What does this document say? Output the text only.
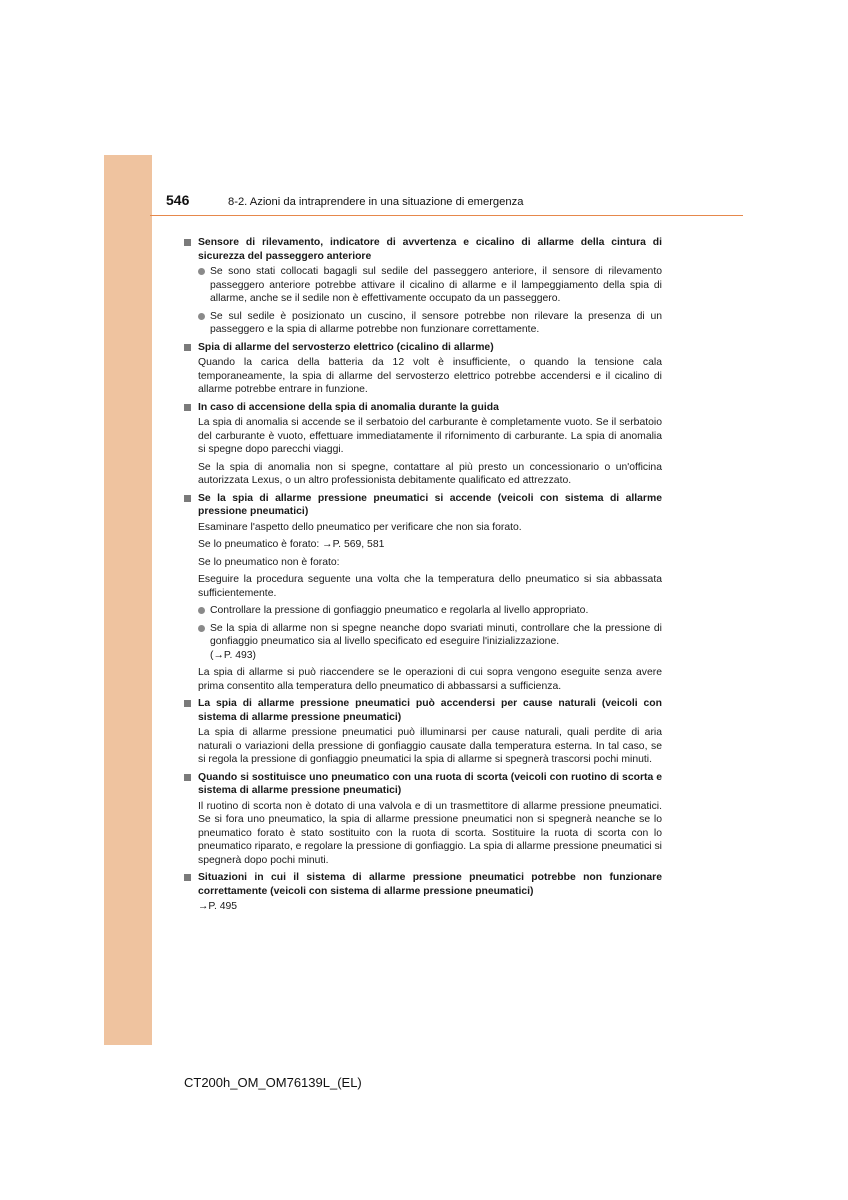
546	8-2. Azioni da intraprendere in una situazione di emergenza
Sensore di rilevamento, indicatore di avvertenza e cicalino di allarme della cintura di sicurezza del passeggero anteriore
Se sono stati collocati bagagli sul sedile del passeggero anteriore, il sensore di rilevamento passeggero anteriore potrebbe attivare il cicalino di allarme e il lampeggiamento della spia di allarme, anche se il sedile non è effettivamente occupato da un passeggero.
Se sul sedile è posizionato un cuscino, il sensore potrebbe non rilevare la presenza di un passeggero e la spia di allarme potrebbe non funzionare correttamente.
Spia di allarme del servosterzo elettrico (cicalino di allarme)
Quando la carica della batteria da 12 volt è insufficiente, o quando la tensione cala temporaneamente, la spia di allarme del servosterzo elettrico potrebbe accendersi e il cicalino di allarme potrebbe entrare in funzione.
In caso di accensione della spia di anomalia durante la guida
La spia di anomalia si accende se il serbatoio del carburante è completamente vuoto. Se il serbatoio del carburante è vuoto, effettuare immediatamente il rifornimento di carburante. La spia di anomalia si spegne dopo parecchi viaggi.
Se la spia di anomalia non si spegne, contattare al più presto un concessionario o un'officina autorizzata Lexus, o un altro professionista debitamente qualificato ed attrezzato.
Se la spia di allarme pressione pneumatici si accende (veicoli con sistema di allarme pressione pneumatici)
Esaminare l'aspetto dello pneumatico per verificare che non sia forato.
Se lo pneumatico è forato: →P. 569, 581
Se lo pneumatico non è forato:
Eseguire la procedura seguente una volta che la temperatura dello pneumatico si sia abbassata sufficientemente.
Controllare la pressione di gonfiaggio pneumatico e regolarla al livello appropriato.
Se la spia di allarme non si spegne neanche dopo svariati minuti, controllare che la pressione di gonfiaggio pneumatico sia al livello specificato ed eseguire l'inizializzazione.
(→P. 493)
La spia di allarme si può riaccendere se le operazioni di cui sopra vengono eseguite senza avere prima consentito alla temperatura dello pneumatico di abbassarsi a sufficienza.
La spia di allarme pressione pneumatici può accendersi per cause naturali (veicoli con sistema di allarme pressione pneumatici)
La spia di allarme pressione pneumatici può illuminarsi per cause naturali, quali perdite di aria naturali o variazioni della pressione di gonfiaggio causate dalla temperatura esterna. In tal caso, se si regola la pressione di gonfiaggio pneumatici la spia di allarme si spegnerà trascorsi pochi minuti.
Quando si sostituisce uno pneumatico con una ruota di scorta (veicoli con ruotino di scorta e sistema di allarme pressione pneumatici)
Il ruotino di scorta non è dotato di una valvola e di un trasmettitore di allarme pressione pneumatici. Se si fora uno pneumatico, la spia di allarme pressione pneumatici non si spegnerà neanche se lo pneumatico forato è stato sostituito con la ruota di scorta. Sostituire la ruota di scorta con lo pneumatico riparato, e regolare la pressione di gonfiaggio. La spia di allarme pressione pneumatici si spegnerà dopo pochi minuti.
Situazioni in cui il sistema di allarme pressione pneumatici potrebbe non funzionare correttamente (veicoli con sistema di allarme pressione pneumatici)
→P. 495
CT200h_OM_OM76139L_(EL)
